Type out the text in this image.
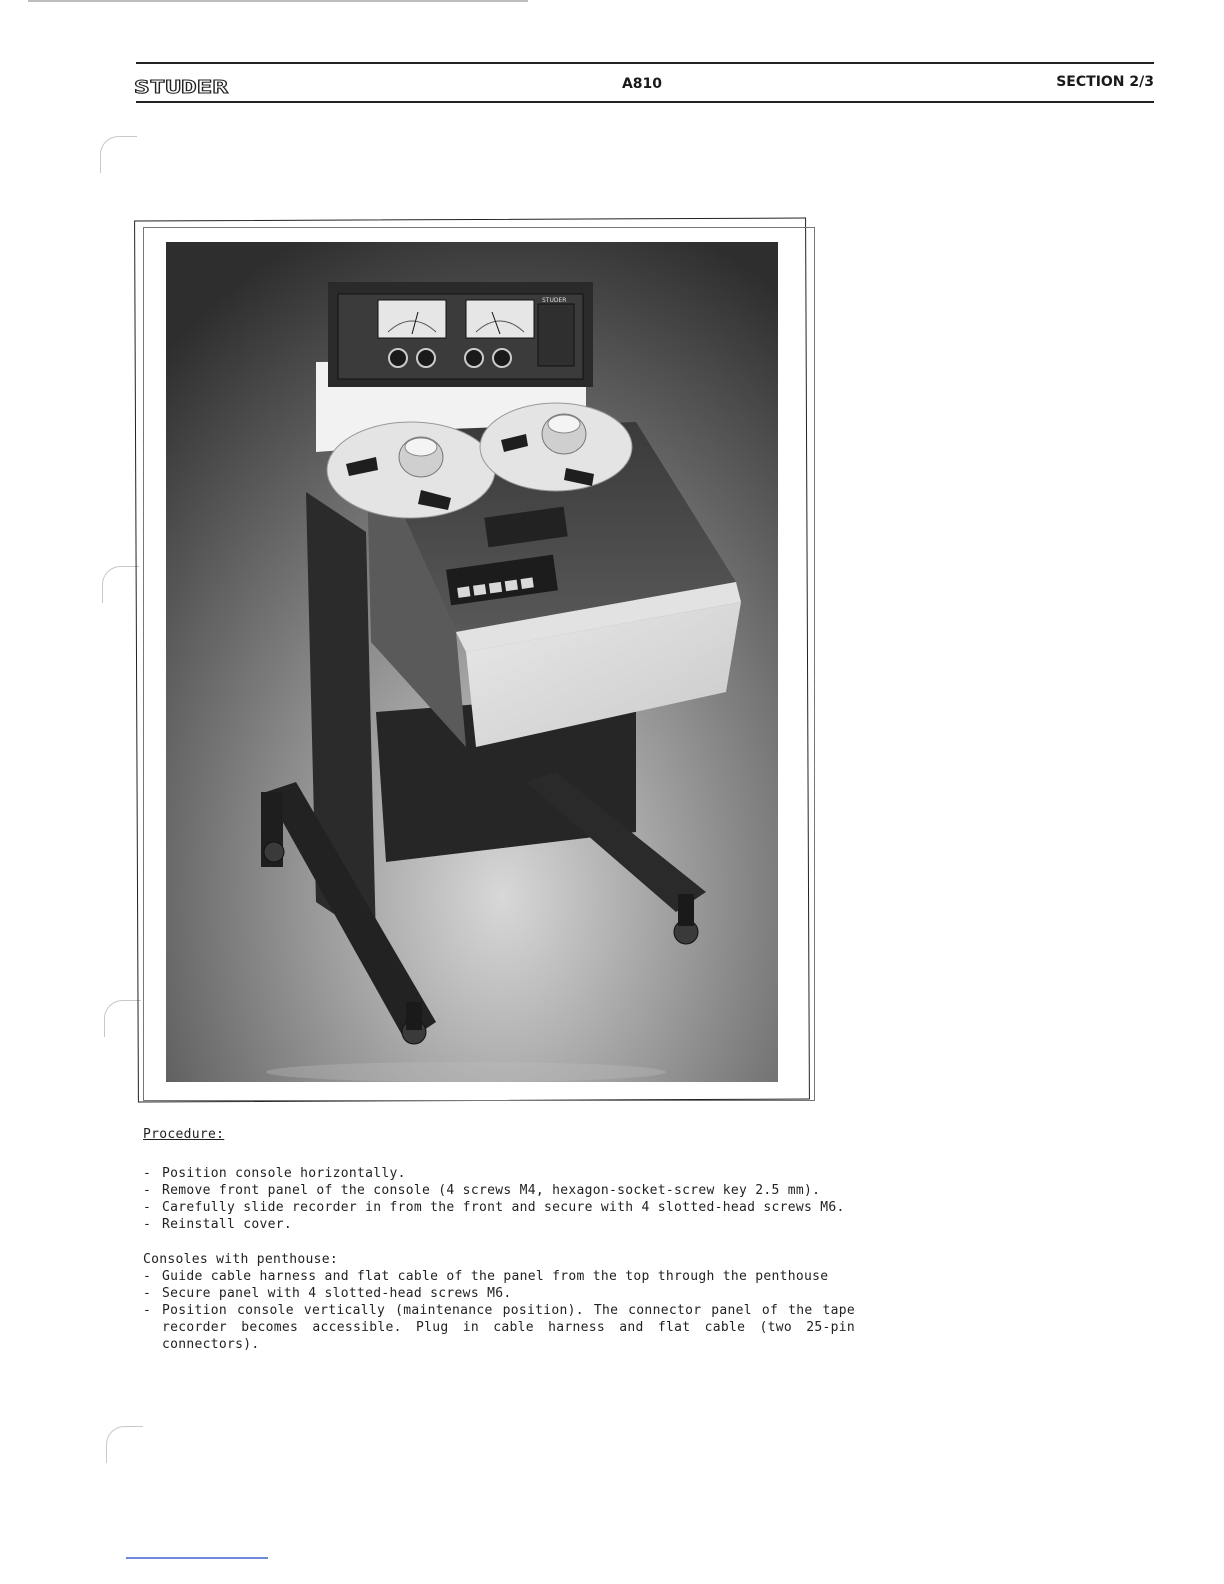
STUDER	A810	SECTION 2/3
STUDER
Procedure:
- Position console horizontally.
- Remove front panel of the console (4 screws M4, hexagon-socket-screw key 2.5 mm).
- Carefully slide recorder in from the front and secure with 4 slotted-head screws M6.
- Reinstall cover.
Consoles with penthouse:
- Guide cable harness and flat cable of the panel from the top through the penthouse
- Secure panel with 4 slotted-head screws M6.
- Position console vertically (maintenance position). The connector panel of the tape recorder becomes accessible. Plug in cable harness and flat cable (two 25-pin connectors).
